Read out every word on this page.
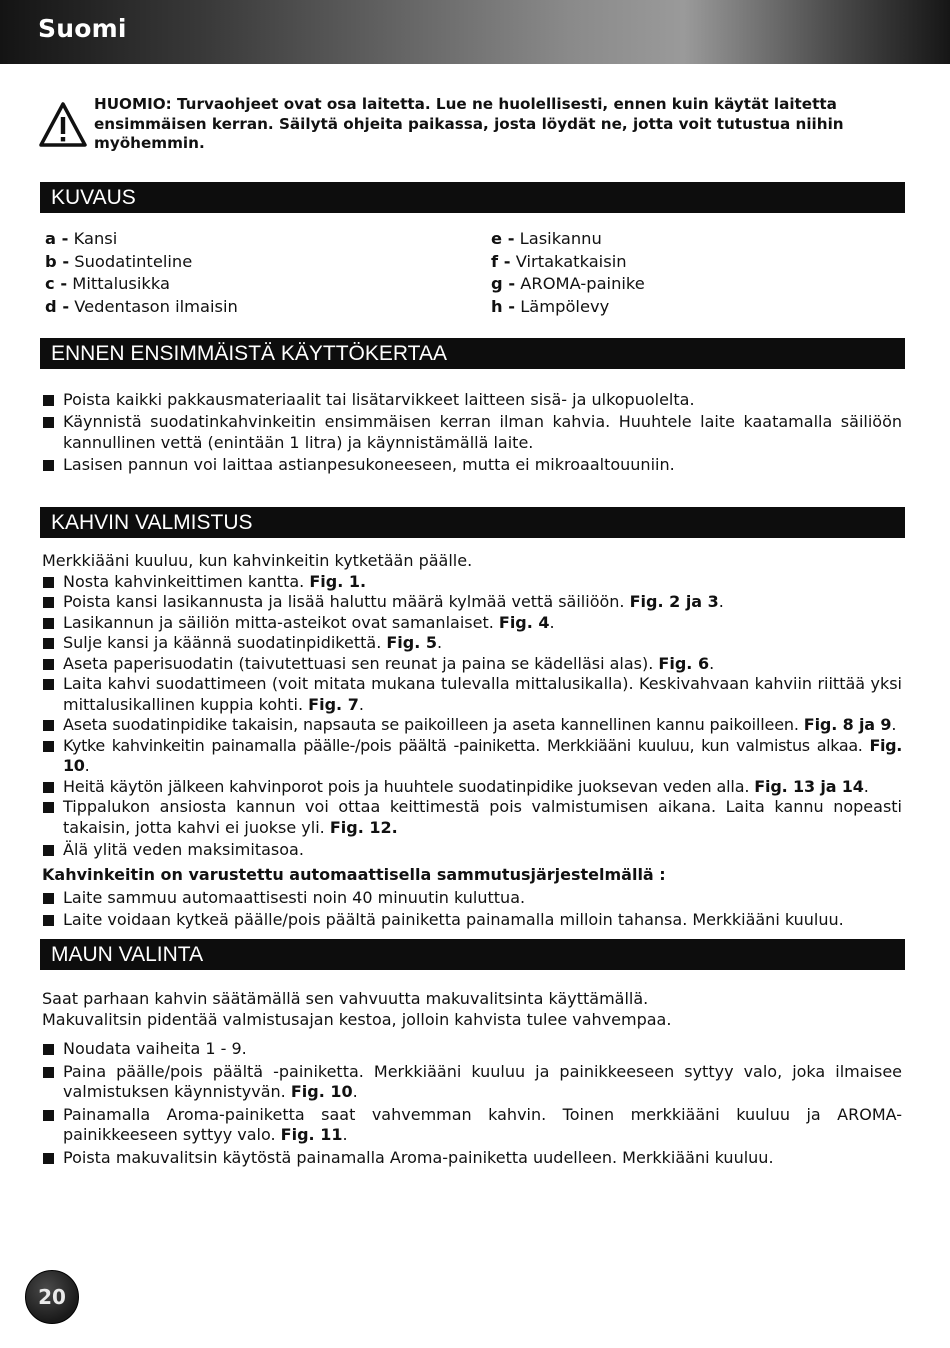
Suomi
HUOMIO: Turvaohjeet ovat osa laitetta. Lue ne huolellisesti, ennen kuin käytät laitetta ensimmäisen kerran. Säilytä ohjeita paikassa, josta löydät ne, jotta voit tutustua niihin myöhemmin.
KUVAUS
a - Kansi
b - Suodatinteline
c - Mittalusikka
d - Vedentason ilmaisin
e - Lasikannu
f - Virtakatkaisin
g - AROMA-painike
h - Lämpölevy
ENNEN ENSIMMÄISTÄ KÄYTTÖKERTAA
Poista kaikki pakkausmateriaalit tai lisätarvikkeet laitteen sisä- ja ulkopuolelta.
Käynnistä suodatinkahvinkeitin ensimmäisen kerran ilman kahvia. Huuhtele laite kaatamalla säiliöön kannullinen vettä (enintään 1 litra) ja käynnistämällä laite.
Lasisen pannun voi laittaa astianpesukoneeseen, mutta ei mikroaaltouuniin.
KAHVIN VALMISTUS

Merkkiääni kuuluu, kun kahvinkeitin kytketään päälle.

Nosta kahvinkeittimen kantta. Fig. 1.
Poista kansi lasikannusta ja lisää haluttu määrä kylmää vettä säiliöön. Fig. 2 ja 3.
Lasikannun ja säiliön mitta-asteikot ovat samanlaiset. Fig. 4.
Sulje kansi ja käännä suodatinpidikettä. Fig. 5.
Aseta paperisuodatin (taivutettuasi sen reunat ja paina se kädelläsi alas). Fig. 6.
Laita kahvi suodattimeen (voit mitata mukana tulevalla mittalusikalla). Keskivahvaan kahviin riittää yksi mittalusikallinen kuppia kohti. Fig. 7.
Aseta suodatinpidike takaisin, napsauta se paikoilleen ja aseta kannellinen kannu paikoilleen. Fig. 8 ja 9.
Kytke kahvinkeitin painamalla päälle-/pois päältä -painiketta. Merkkiääni kuuluu, kun valmistus alkaa. Fig. 10.
Heitä käytön jälkeen kahvinporot pois ja huuhtele suodatinpidike juoksevan veden alla. Fig. 13 ja 14.
Tippalukon ansiosta kannun voi ottaa keittimestä pois valmistumisen aikana. Laita kannu nopeasti takaisin, jotta kahvi ei juokse yli. Fig. 12.
Älä ylitä veden maksimitasoa.

Kahvinkeitin on varustettu automaattisella sammutusjärjestelmällä :

Laite sammuu automaattisesti noin 40 minuutin kuluttua.
Laite voidaan kytkeä päälle/pois päältä painiketta painamalla milloin tahansa. Merkkiääni kuuluu.
MAUN VALINTA

Saat parhaan kahvin säätämällä sen vahvuutta makuvalitsinta käyttämällä.

Makuvalitsin pidentää valmistusajan kestoa, jolloin kahvista tulee vahvempaa.

Noudata vaiheita 1 - 9.
Paina päälle/pois päältä -painiketta. Merkkiääni kuuluu ja painikkeeseen syttyy valo, joka ilmaisee valmistuksen käynnistyvän. Fig. 10.
Painamalla Aroma-painiketta saat vahvemman kahvin. Toinen merkkiääni kuuluu ja AROMA-painikkeeseen syttyy valo. Fig. 11.
Poista makuvalitsin käytöstä painamalla Aroma-painiketta uudelleen. Merkkiääni kuuluu.
20
